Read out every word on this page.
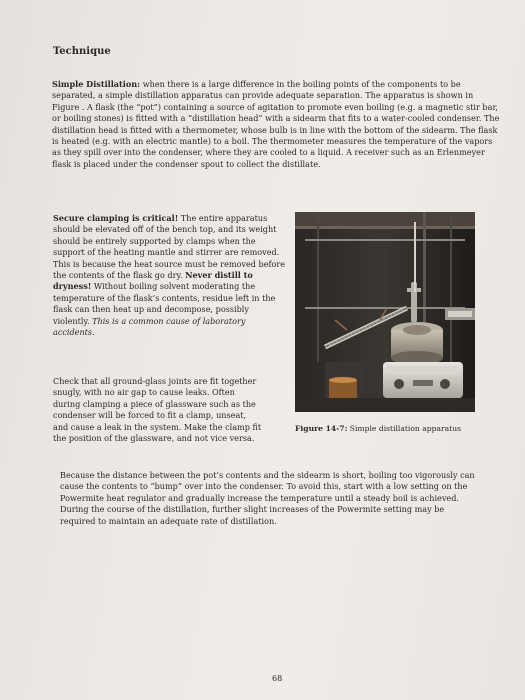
Technique
Simple Distillation: when there is a large difference in the boiling points of the components to be separated, a simple distillation apparatus can provide adequate separation. The apparatus is shown in Figure . A flask (the “pot”) containing a source of agitation to promote even boiling (e.g. a magnetic stir bar, or boiling stones) is fitted with a “distillation head” with a sidearm that fits to a water-cooled condenser. The distillation head is fitted with a thermometer, whose bulb is in line with the bottom of the sidearm. The flask is heated (e.g. with an electric mantle) to a boil. The thermometer measures the temperature of the vapors as they spill over into the condenser, where they are cooled to a liquid. A receiver such as an Erlenmeyer flask is placed under the condenser spout to collect the distillate.
Secure clamping is critical! The entire apparatus should be elevated off of the bench top, and its weight should be entirely supported by clamps when the support of the heating mantle and stirrer are removed. This is because the heat source must be removed before the contents of the flask go dry. Never distill to dryness! Without boiling solvent moderating the temperature of the flask’s contents, residue left in the flask can then heat up and decompose, possibly violently. This is a common cause of laboratory accidents.
Check that all ground-glass joints are fit together snugly, with no air gap to cause leaks. Often during clamping a piece of glassware such as the condenser will be forced to fit a clamp, unseat, and cause a leak in the system. Make the clamp fit the position of the glassware, and not vice versa.
Figure 14-7: Simple distillation apparatus
Because the distance between the pot’s contents and the sidearm is short, boiling too vigorously can cause the contents to “bump” over into the condenser. To avoid this, start with a low setting on the Powermite heat regulator and gradually increase the temperature until a steady boil is achieved. During the course of the distillation, further slight increases of the Powermite setting may be required to maintain an adequate rate of distillation.
68
